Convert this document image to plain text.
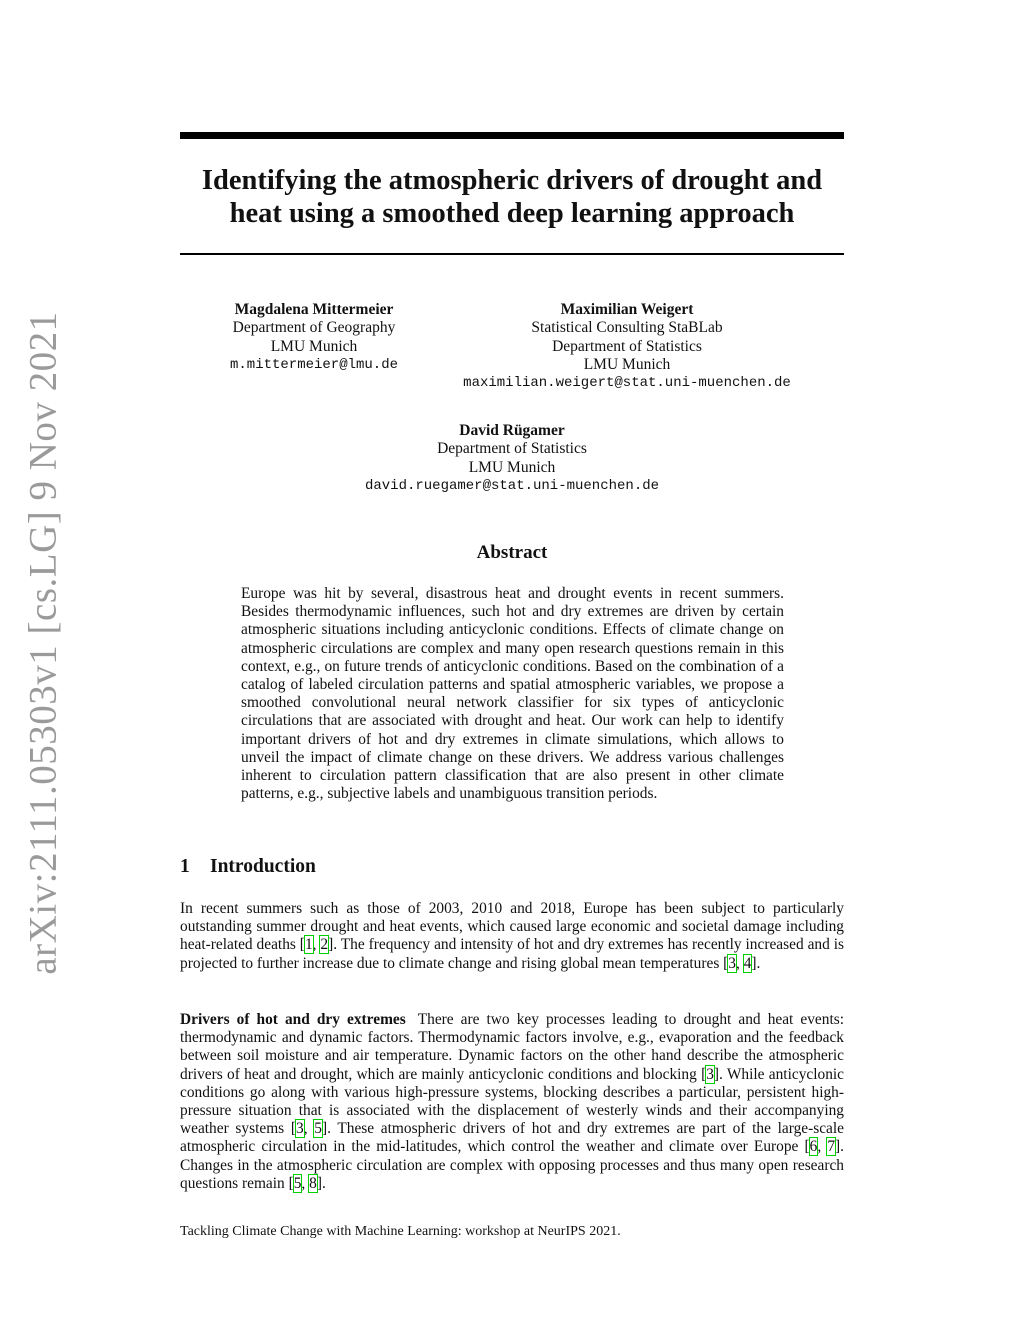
arXiv:2111.05303v1 [cs.LG] 9 Nov 2021
Identifying the atmospheric drivers of drought and
heat using a smoothed deep learning approach
Magdalena Mittermeier
Department of Geography
LMU Munich
m.mittermeier@lmu.de
Maximilian Weigert
Statistical Consulting StaBLab
Department of Statistics
LMU Munich
maximilian.weigert@stat.uni-muenchen.de
David Rügamer
Department of Statistics
LMU Munich
david.ruegamer@stat.uni-muenchen.de
Abstract
Europe was hit by several, disastrous heat and drought events in recent summers. Besides thermodynamic influences, such hot and dry extremes are driven by certain atmospheric situations including anticyclonic conditions. Effects of climate change on atmospheric circulations are complex and many open research questions remain in this context, e.g., on future trends of anticyclonic conditions. Based on the combination of a catalog of labeled circulation patterns and spatial atmospheric variables, we propose a smoothed convolutional neural network classifier for six types of anticyclonic circulations that are associated with drought and heat. Our work can help to identify important drivers of hot and dry extremes in climate simulations, which allows to unveil the impact of climate change on these drivers. We address various challenges inherent to circulation pattern classification that are also present in other climate patterns, e.g., subjective labels and unambiguous transition periods.
1 Introduction
In recent summers such as those of 2003, 2010 and 2018, Europe has been subject to particularly outstanding summer drought and heat events, which caused large economic and societal damage including heat-related deaths [1, 2]. The frequency and intensity of hot and dry extremes has recently increased and is projected to further increase due to climate change and rising global mean temperatures [3, 4].
Drivers of hot and dry extremes There are two key processes leading to drought and heat events: thermodynamic and dynamic factors. Thermodynamic factors involve, e.g., evaporation and the feedback between soil moisture and air temperature. Dynamic factors on the other hand describe the atmospheric drivers of heat and drought, which are mainly anticyclonic conditions and blocking [3]. While anticyclonic conditions go along with various high-pressure systems, blocking describes a particular, persistent high-pressure situation that is associated with the displacement of westerly winds and their accompanying weather systems [3, 5]. These atmospheric drivers of hot and dry extremes are part of the large-scale atmospheric circulation in the mid-latitudes, which control the weather and climate over Europe [6, 7]. Changes in the atmospheric circulation are complex with opposing processes and thus many open research questions remain [5, 8].
Tackling Climate Change with Machine Learning: workshop at NeurIPS 2021.
